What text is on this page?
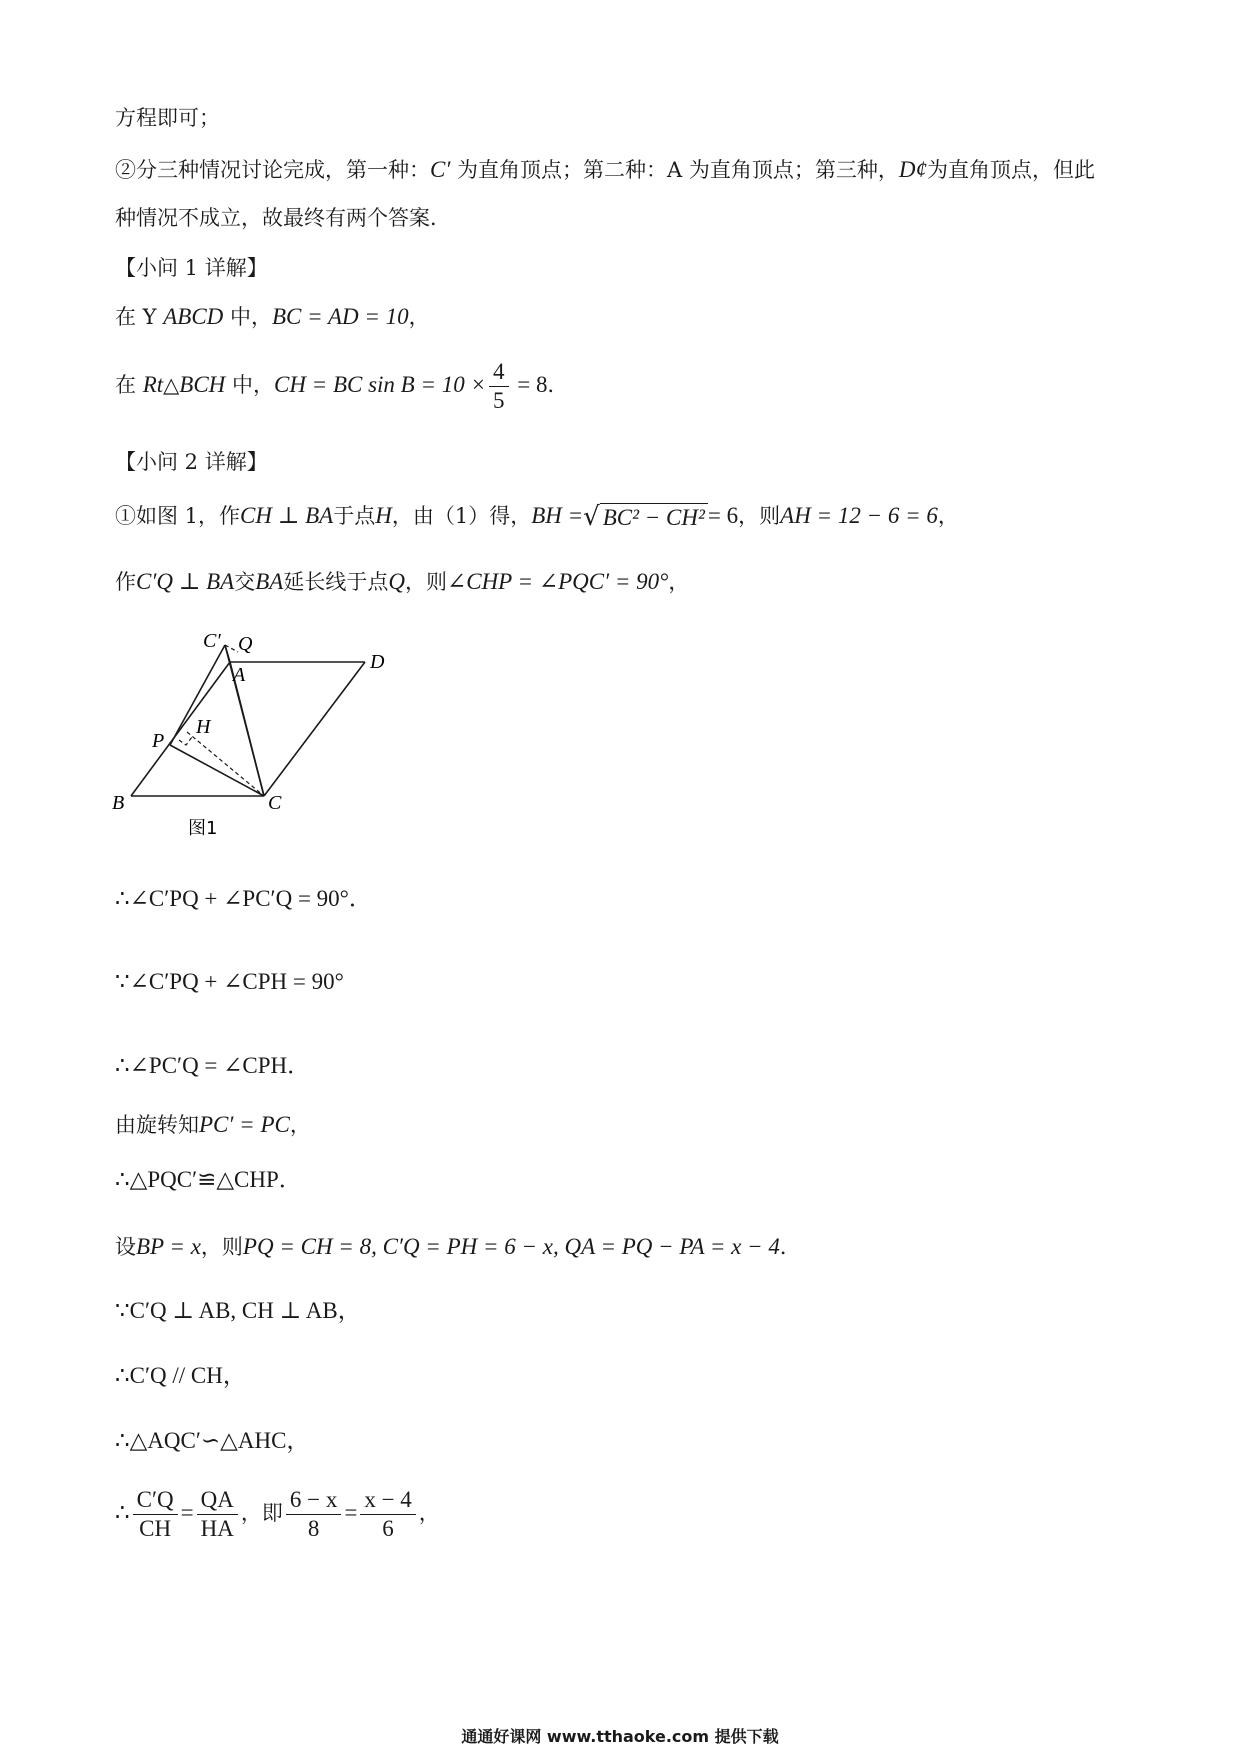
方程即可；
②分三种情况讨论完成，第一种：C′ 为直角顶点；第二种：A 为直角顶点；第三种，D¢为直角顶点，但此
种情况不成立，故最终有两个答案．
【小问 1 详解】
在 Y ABCD 中，BC = AD = 10，
在 Rt△BCH 中，CH = BC $\sin B = 10 \times \frac{4}{5} = 8$．
【小问 2 详解】
①如图 1，作CH ⊥ BA于点H，由（1）得，BH =√ BC² − CH² = 6，则AH = 12 − 6 = 6，
作C′Q ⊥ BA交BA延长线于点Q，则∠CHP = ∠PQC′ = 90°，
C′ Q
A
D
P
H
B	C
图1
∴∠C′PQ + ∠PC′Q = 90°．
∵∠C′PQ + ∠CPH = 90°
∴∠PC′Q = ∠CPH．
由旋转知PC′ = PC，
∴△PQC′≌△CHP．
设BP = x，则PQ = CH = 8, C′Q = PH = 6 − x, QA = PQ − PA = x − 4．
∵C′Q ⊥ AB, CH ⊥ AB，
∴C′Q // CH，
∴△AQC′∽△AHC，
∴ $\frac{C'Q}{CH} = \frac{QA}{HA}$ ，即 $\frac{6 - x}{8} = \frac{x - 4}{6}$ ，
通通好课网 www.tthaoke.com 提供下载
